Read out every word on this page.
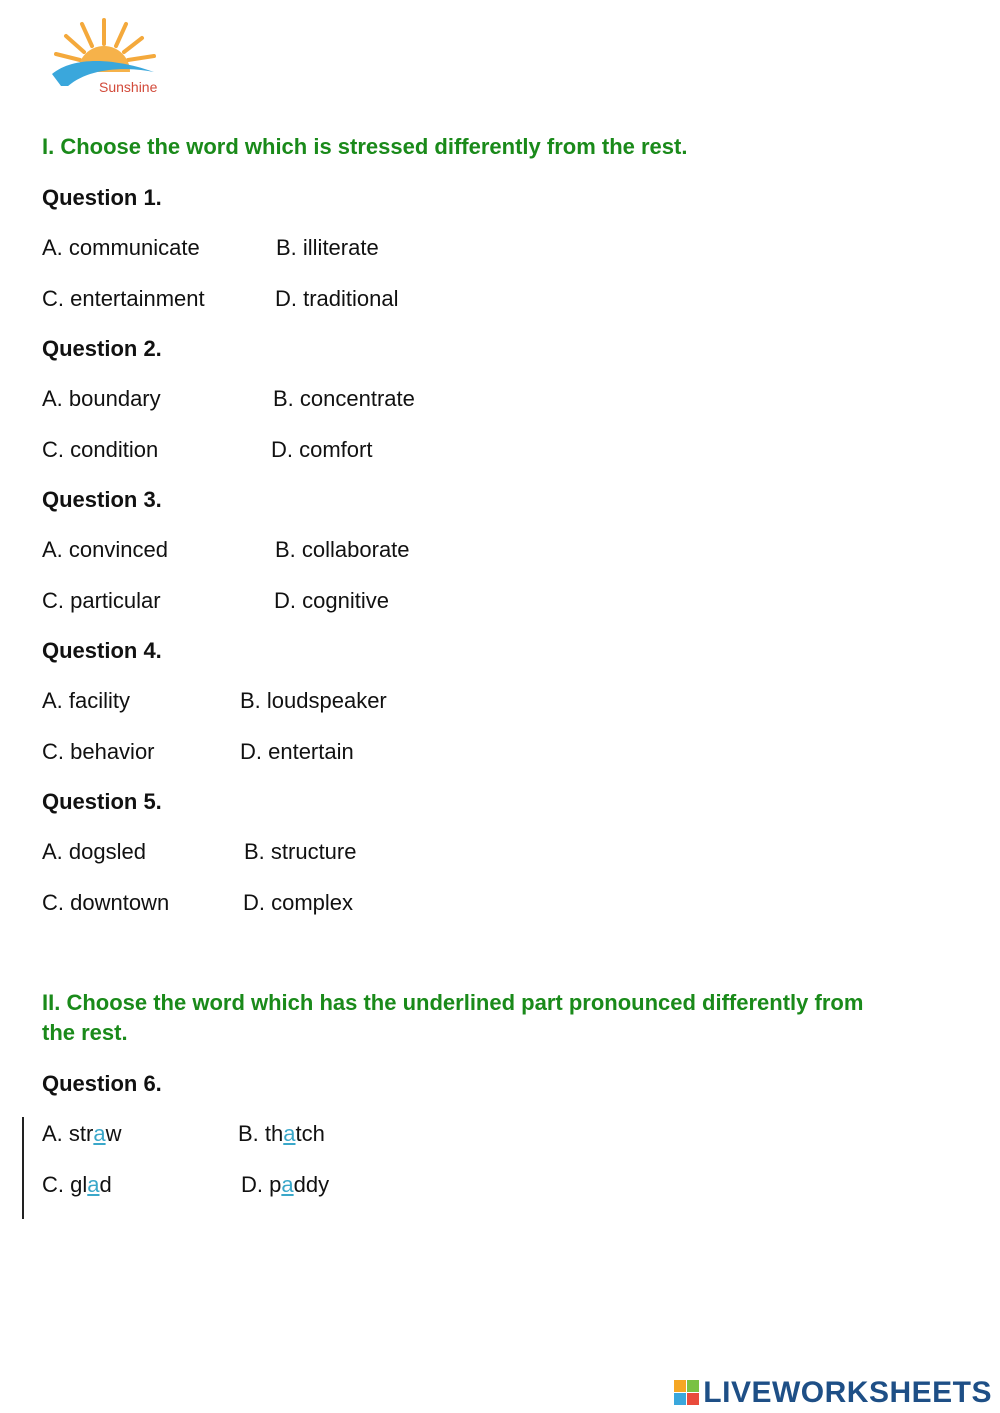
Sunshine
I. Choose the word which is stressed differently from the rest.
Question 1.
A. communicate	B. illiterate
C. entertainment	D. traditional
Question 2.
A. boundary	B. concentrate
C. condition	D. comfort
Question 3.
A. convinced	B. collaborate
C. particular	D. cognitive
Question 4.
A. facility	B. loudspeaker
C. behavior	D. entertain
Question 5.
A. dogsled	B. structure
C. downtown	D. complex
II. Choose the word which has the underlined part pronounced differently from
the rest.
Question 6.
A. straw	B. thatch
C. glad	D. paddy
LIVEWORKSHEETS
